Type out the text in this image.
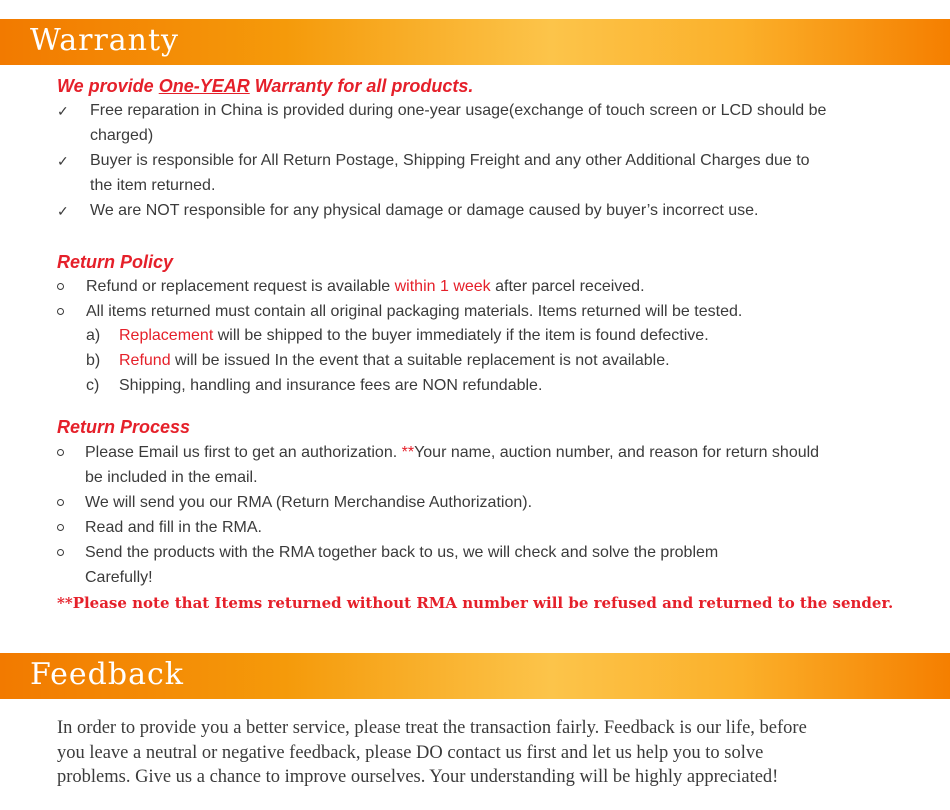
Warranty
We provide One-YEAR Warranty for all products.
✓ Free reparation in China is provided during one-year usage(exchange of touch screen or LCD should be
charged)
✓ Buyer is responsible for All Return Postage, Shipping Freight and any other Additional Charges due to
the item returned.
✓ We are NOT responsible for any physical damage or damage caused by buyer’s incorrect use.
Return Policy
Refund or replacement request is available within 1 week after parcel received.
All items returned must contain all original packaging materials. Items returned will be tested.
a) Replacement will be shipped to the buyer immediately if the item is found defective.
b) Refund will be issued In the event that a suitable replacement is not available.
c) Shipping, handling and insurance fees are NON refundable.
Return Process
Please Email us first to get an authorization. **Your name, auction number, and reason for return should
be included in the email.
We will send you our RMA (Return Merchandise Authorization).
Read and fill in the RMA.
Send the products with the RMA together back to us, we will check and solve the problem
Carefully!
**Please note that Items returned without RMA number will be refused and returned to the sender.
Feedback
In order to provide you a better service, please treat the transaction fairly. Feedback is our life, before
you leave a neutral or negative feedback, please DO contact us first and let us help you to solve
problems. Give us a chance to improve ourselves. Your understanding will be highly appreciated!
